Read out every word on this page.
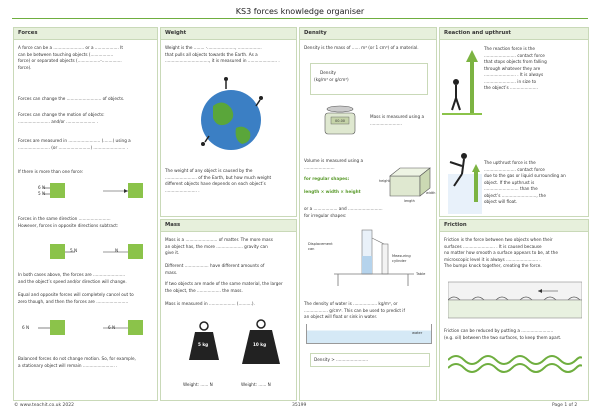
KS3 forces knowledge organiser
Forces
A force can be a ....................... or a .................. It
can be between touching objects (.................
force) or separated objects (.................-...............
force).
Forces can change the .......................... of objects.
Forces can change the motion of objects:
........................ and/or ...................... .
Forces are measured in ........................ (.......) using a
........................ (or ........................) ........................ .
If there is more than one force:
6 N
5 N
Forces in the same direction ........................
However, forces in opposite directions subtract:
5 N	N
In both cases above, the forces are ........................
and the object’s speed and/or direction will change.
Equal and opposite forces will completely cancel out to
zero though, and then the forces are ........................
6 N	6 N
Balanced forces do not change motion. So, for example,
a stationary object will remain ........................ .
Weight
Weight is the ........ ·....................., ..................
that pulls all objects towards the Earth. As a
................................., it is measured in ...................... .
The weight of any object is caused by the
........................ of the Earth, but how much weight
different objects have depends on each object’s
........................ .
Mass
Mass is a ........................ of matter. The more mass
an object has, the more .................... gravity can
give it.
Different .................. have different amounts of
mass.
If two objects are made of the same material, the larger
the object, the .................. the mass.
Mass is measured in .................... (..........).
5 kg	10 kg
Weight: ...... N	Weight: ...... N
Density
Density is the mass of ...... m³ (or 1 cm³) of a material.
Density
(kg/m³ or g/cm³)
00.00
Mass is measured using a
........................
Volume is measured using a
.......................
for regular shapes:
length × width × height
height
width
length
or a .................. and ..........................
for irregular shapes:
Displacement
can
Measuring
cylinder
Table
The density of water is .................. kg/m³, or
.................. g/cm³. This can be used to predict if
an object will float or sink in water.
water
Density > ........................
Reaction and upthrust
The reaction force is the
........................ contact force
that stops objects from falling
through whatever they are
........................ . It is always
........................ in size to
the object’s .....................
The upthrust force is the
........................ contact force
due to the gas or liquid surrounding an
object. If the upthrust is
.......................... than the
object’s .........................., the
object will float.
Friction
Friction is the force between two objects when their
surfaces ........................ . It is caused because
no matter how smooth a surface appears to be, at the
microscopic level it is always ........................ .
The bumps knock together, creating the force.
Friction can be reduced by putting a ........................
(e.g. oil) between the two surfaces, to keep them apart.
© www.teachit.co.uk 2022	35199	Page 1 of 2
